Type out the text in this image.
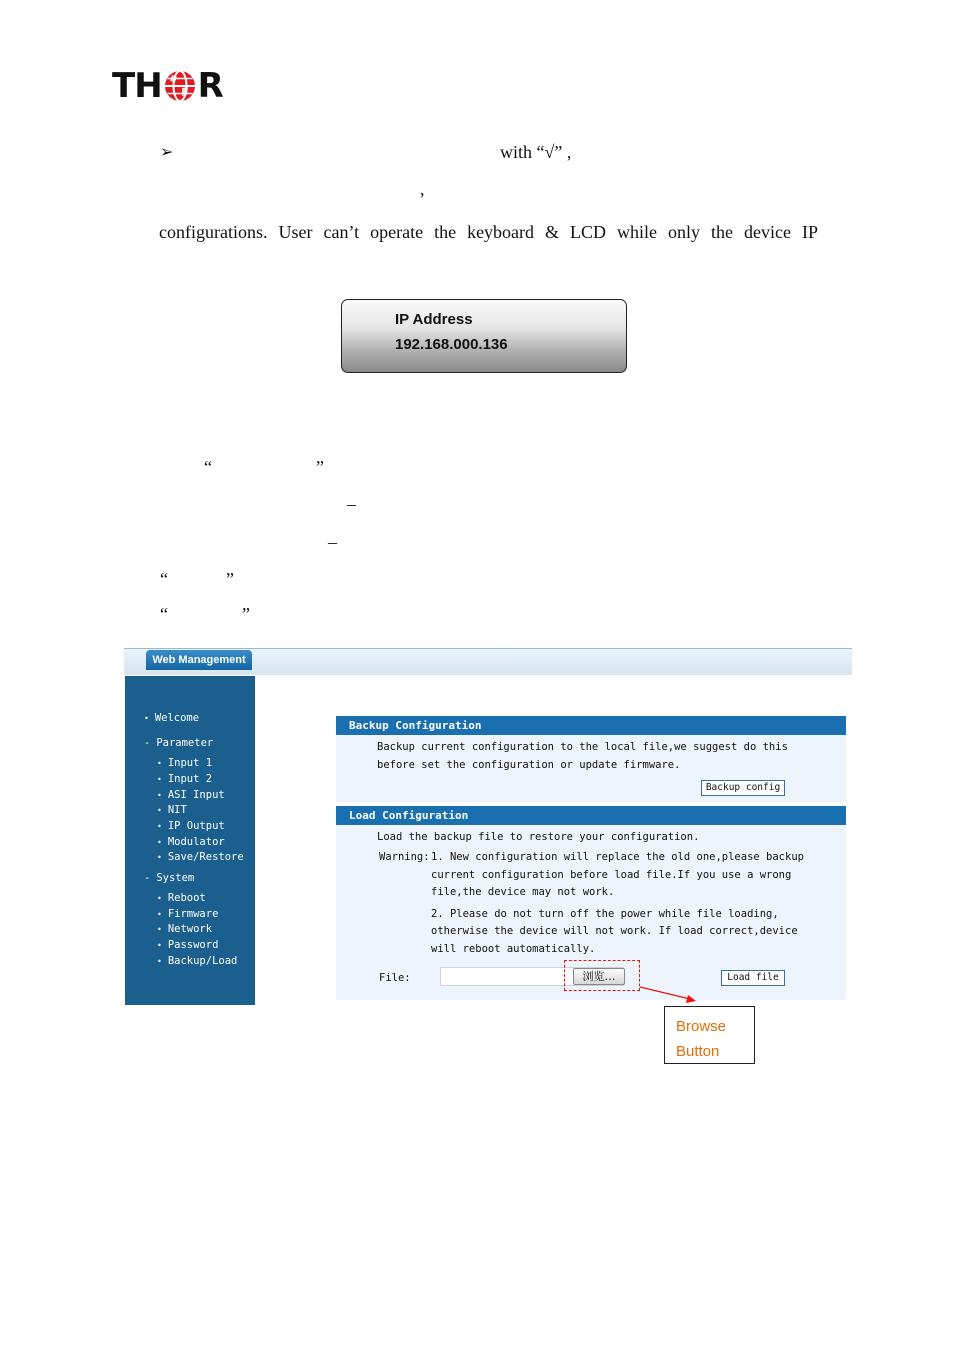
TH R
➢	with “√” ,
,
configurations. User can’t operate the keyboard & LCD while only the device IP
IP Address
192.168.000.136
“	”
–
–
“	”
“	”
Web Management
• Welcome
- Parameter
• Input 1
• Input 2
• ASI Input
• NIT
• IP Output
• Modulator
• Save/Restore
- System
• Reboot
• Firmware
• Network
• Password
• Backup/Load
Backup Configuration
Backup current configuration to the local file,we suggest do this
before set the configuration or update firmware.
Backup config
Load Configuration
Load the backup file to restore your configuration.
Warning: 1. New configuration will replace the old one,please backup
current configuration before load file.If you use a wrong
file,the device may not work.
2. Please do not turn off the power while file loading,
otherwise the device will not work. If load correct,device
will reboot automatically.
File:	浏览…	Load file
Browse
Button
